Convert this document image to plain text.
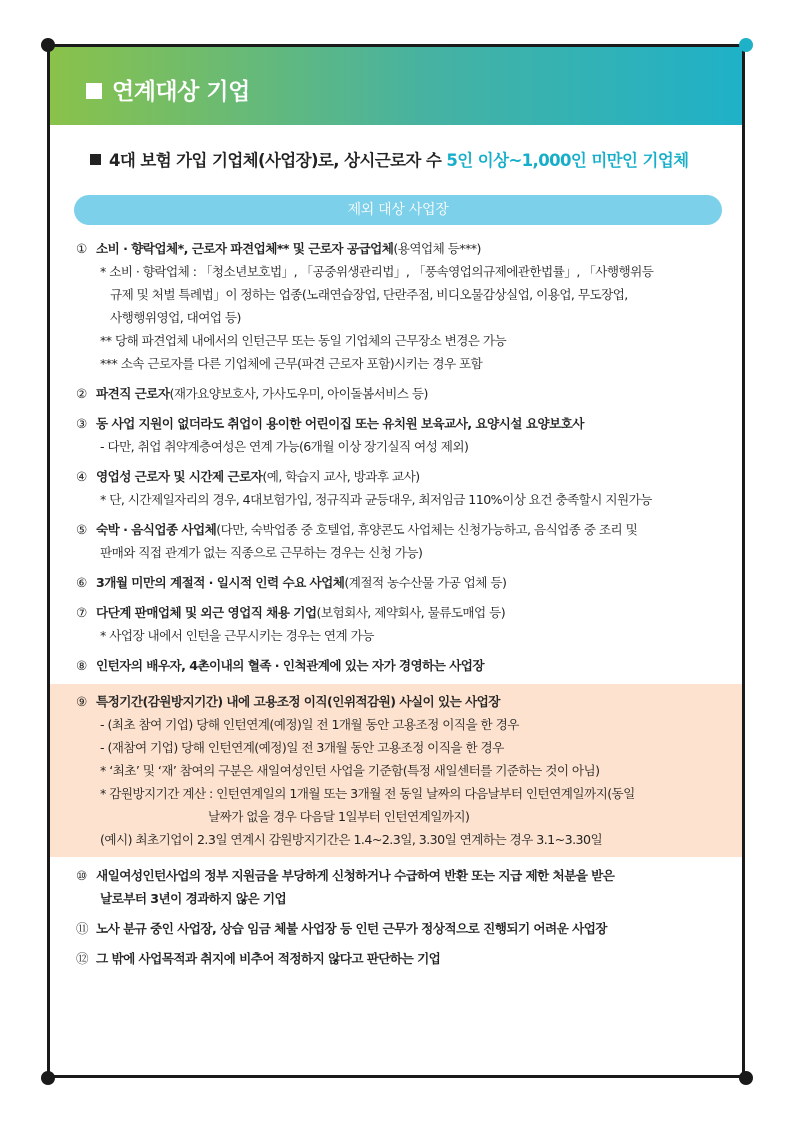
연계대상 기업
4대 보험 가입 기업체(사업장)로, 상시근로자 수 5인 이상~1,000인 미만인 기업체
제외 대상 사업장
① 소비 · 향락업체*, 근로자 파견업체** 및 근로자 공급업체(용역업체 등***)
* 소비 · 향락업체 : 「청소년보호법」, 「공중위생관리법」, 「풍속영업의규제에관한법률」, 「사행행위등
규제 및 처벌 특례법」이 정하는 업종(노래연습장업, 단란주점, 비디오물감상실업, 이용업, 무도장업,
사행행위영업, 대여업 등)
** 당해 파견업체 내에서의 인턴근무 또는 동일 기업체의 근무장소 변경은 가능
*** 소속 근로자를 다른 기업체에 근무(파견 근로자 포함)시키는 경우 포함
② 파견직 근로자(재가요양보호사, 가사도우미, 아이돌봄서비스 등)
③ 동 사업 지원이 없더라도 취업이 용이한 어린이집 또는 유치원 보육교사, 요양시설 요양보호사
- 다만, 취업 취약계층여성은 연계 가능(6개월 이상 장기실직 여성 제외)
④ 영업성 근로자 및 시간제 근로자(예, 학습지 교사, 방과후 교사)
* 단, 시간제일자리의 경우, 4대보험가입, 정규직과 균등대우, 최저임금 110%이상 요건 충족할시 지원가능
⑤ 숙박 · 음식업종 사업체(다만, 숙박업종 중 호텔업, 휴양콘도 사업체는 신청가능하고, 음식업종 중 조리 및
판매와 직접 관계가 없는 직종으로 근무하는 경우는 신청 가능)
⑥ 3개월 미만의 계절적 · 일시적 인력 수요 사업체(계절적 농수산물 가공 업체 등)
⑦ 다단계 판매업체 및 외근 영업직 채용 기업(보험회사, 제약회사, 물류도매업 등)
* 사업장 내에서 인턴을 근무시키는 경우는 연계 가능
⑧ 인턴자의 배우자, 4촌이내의 혈족 · 인척관계에 있는 자가 경영하는 사업장
⑨ 특정기간(감원방지기간) 내에 고용조정 이직(인위적감원) 사실이 있는 사업장
- (최초 참여 기업) 당해 인턴연계(예정)일 전 1개월 동안 고용조정 이직을 한 경우
- (재참여 기업) 당해 인턴연계(예정)일 전 3개월 동안 고용조정 이직을 한 경우
* ‘최초’ 및 ‘재’ 참여의 구분은 새일여성인턴 사업을 기준함(특정 새일센터를 기준하는 것이 아님)
* 감원방지기간 계산 : 인턴연계일의 1개월 또는 3개월 전 동일 날짜의 다음날부터 인턴연계일까지(동일
날짜가 없을 경우 다음달 1일부터 인턴연계일까지)
(예시) 최초기업이 2.3일 연계시 감원방지기간은 1.4~2.3일, 3.30일 연계하는 경우 3.1~3.30일
⑩ 새일여성인턴사업의 정부 지원금을 부당하게 신청하거나 수급하여 반환 또는 지급 제한 처분을 받은
날로부터 3년이 경과하지 않은 기업
⑪ 노사 분규 중인 사업장, 상습 임금 체불 사업장 등 인턴 근무가 정상적으로 진행되기 어려운 사업장
⑫ 그 밖에 사업목적과 취지에 비추어 적정하지 않다고 판단하는 기업
